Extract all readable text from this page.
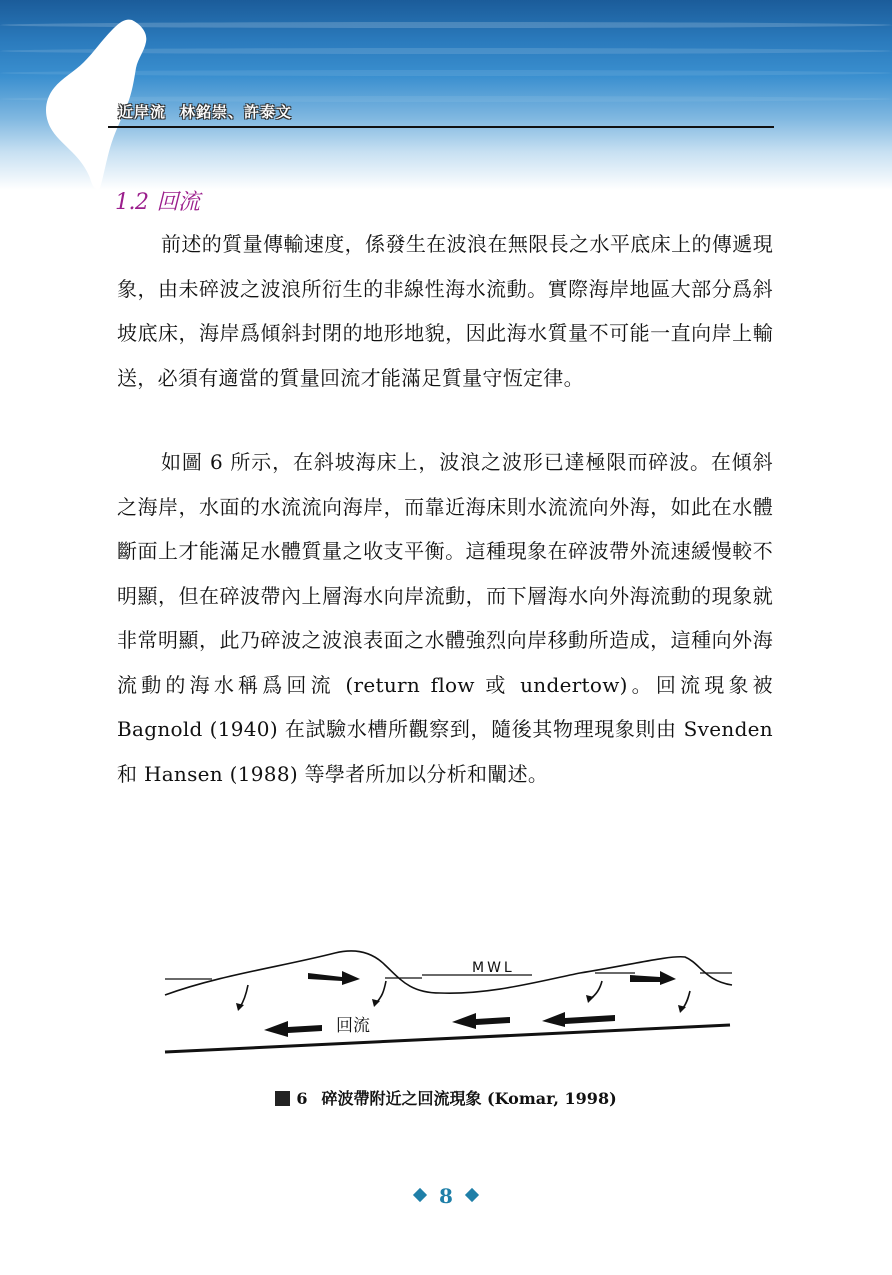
近岸流 林銘崇、許泰文
1.2 回流

前述的質量傳輸速度，係發生在波浪在無限長之水平底床上的傳遞現象，由未碎波之波浪所衍生的非線性海水流動。實際海岸地區大部分爲斜坡底床，海岸爲傾斜封閉的地形地貌，因此海水質量不可能一直向岸上輸送，必須有適當的質量回流才能滿足質量守恆定律。

如圖 6 所示，在斜坡海床上，波浪之波形已達極限而碎波。在傾斜之海岸，水面的水流流向海岸，而靠近海床則水流流向外海，如此在水體斷面上才能滿足水體質量之收支平衡。這種現象在碎波帶外流速緩慢較不明顯，但在碎波帶內上層海水向岸流動，而下層海水向外海流動的現象就非常明顯，此乃碎波之波浪表面之水體強烈向岸移動所造成，這種向外海流動的海水稱爲回流 (return flow 或 undertow)。回流現象被 Bagnold (1940) 在試驗水槽所觀察到，隨後其物理現象則由 Svenden 和 Hansen (1988) 等學者所加以分析和闡述。

MWL
回流
6 碎波帶附近之回流現象 (Komar, 1998)
8
